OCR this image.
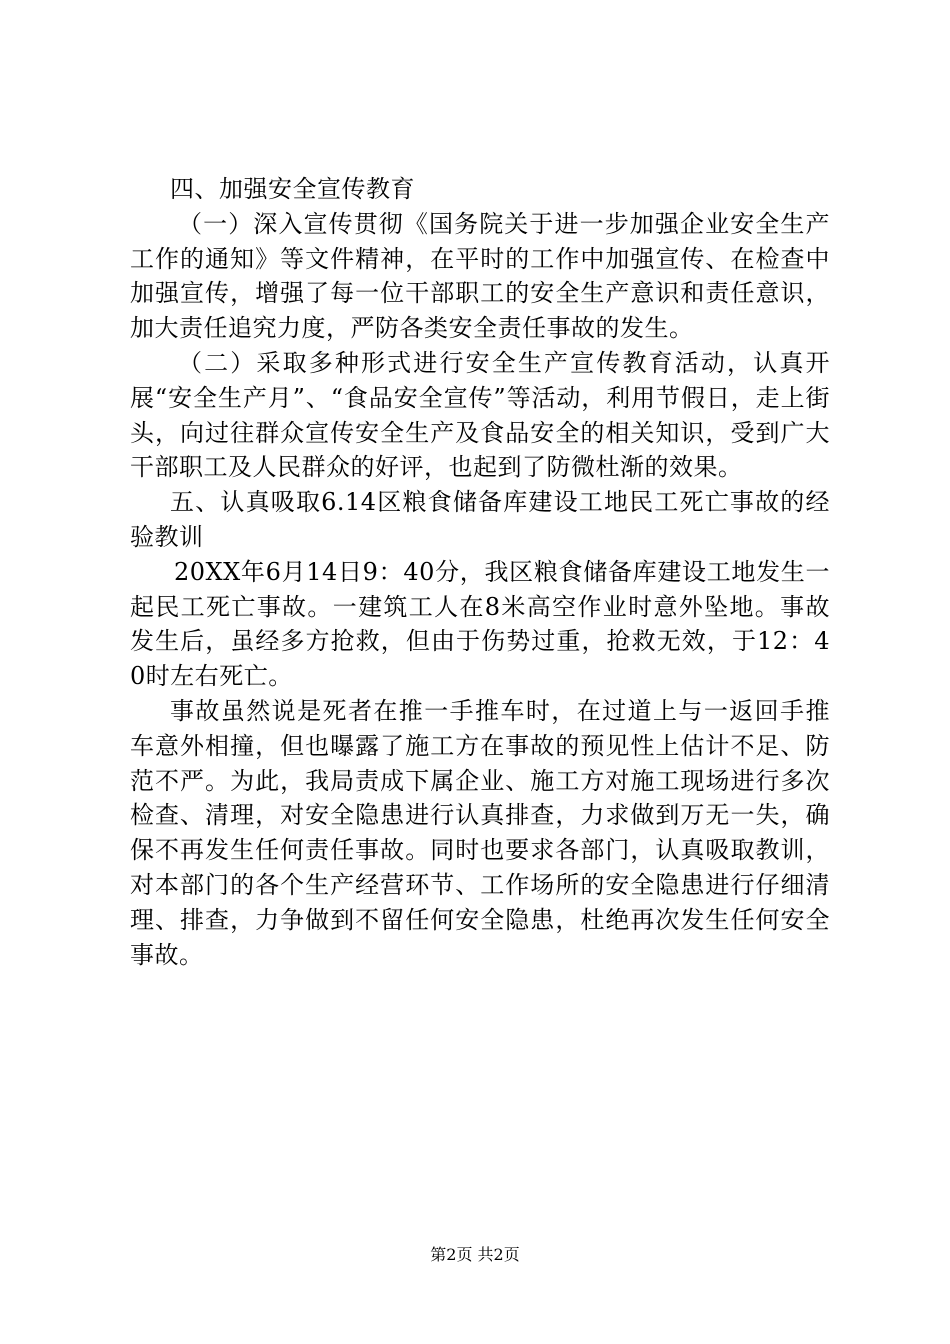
四、加强安全宣传教育

（一）深入宣传贯彻《国务院关于进一步加强企业安全生产工作的通知》等文件精神，在平时的工作中加强宣传、在检查中加强宣传，增强了每一位干部职工的安全生产意识和责任意识，加大责任追究力度，严防各类安全责任事故的发生。

（二）采取多种形式进行安全生产宣传教育活动，认真开展“安全生产月”、“食品安全宣传”等活动，利用节假日，走上街头，向过往群众宣传安全生产及食品安全的相关知识，受到广大干部职工及人民群众的好评，也起到了防微杜渐的效果。

五、认真吸取6.14区粮食储备库建设工地民工死亡事故的经验教训

20XX年6月14日9：40分，我区粮食储备库建设工地发生一起民工死亡事故。一建筑工人在8米高空作业时意外坠地。事故发生后，虽经多方抢救，但由于伤势过重，抢救无效，于12：40时左右死亡。

事故虽然说是死者在推一手推车时，在过道上与一返回手推车意外相撞，但也曝露了施工方在事故的预见性上估计不足、防范不严。为此，我局责成下属企业、施工方对施工现场进行多次检查、清理，对安全隐患进行认真排查，力求做到万无一失，确保不再发生任何责任事故。同时也要求各部门，认真吸取教训，对本部门的各个生产经营环节、工作场所的安全隐患进行仔细清理、排查，力争做到不留任何安全隐患，杜绝再次发生任何安全事故。

第2页 共2页
